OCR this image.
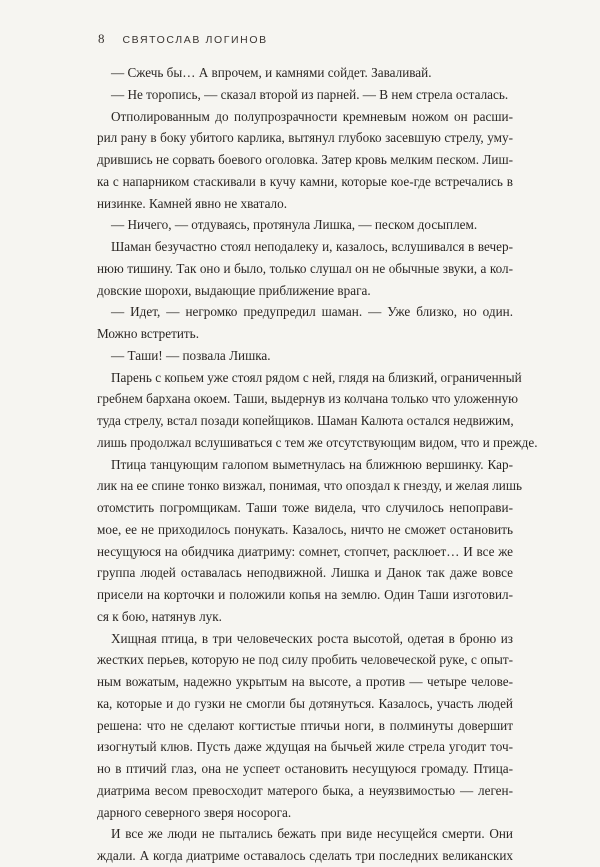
8 СВЯТОСЛАВ ЛОГИНОВ

— Сжечь бы… А впрочем, и камнями сойдет. Заваливай.

— Не торопись, — сказал второй из парней. — В нем стрела осталась.

Отполированным до полупрозрачности кремневым ножом он расши-
рил рану в боку убитого карлика, вытянул глубоко засевшую стрелу, уму-
дрившись не сорвать боевого оголовка. Затер кровь мелким песком. Лиш-
ка с напарником стаскивали в кучу камни, которые кое-где встречались в
низинке. Камней явно не хватало.

— Ничего, — отдуваясь, протянула Лишка, — песком досыплем.

Шаман безучастно стоял неподалеку и, казалось, вслушивался в вечер-
нюю тишину. Так оно и было, только слушал он не обычные звуки, а кол-
довские шорохи, выдающие приближение врага.

— Идет, — негромко предупредил шаман. — Уже близко, но один.
Можно встретить.

— Таши! — позвала Лишка.

Парень с копьем уже стоял рядом с ней, глядя на близкий, ограниченный
гребнем бархана окоем. Таши, выдернув из колчана только что уложенную
туда стрелу, встал позади копейщиков. Шаман Калюта остался недвижим,
лишь продолжал вслушиваться с тем же отсутствующим видом, что и прежде.

Птица танцующим галопом выметнулась на ближнюю вершинку. Кар-
лик на ее спине тонко визжал, понимая, что опоздал к гнезду, и желая лишь
отомстить погромщикам. Таши тоже видела, что случилось непоправи-
мое, ее не приходилось понукать. Казалось, ничто не сможет остановить
несущуюся на обидчика диатриму: сомнет, стопчет, расклюет… И все же
группа людей оставалась неподвижной. Лишка и Данок так даже вовсе
присели на корточки и положили копья на землю. Один Таши изготовил-
ся к бою, натянув лук.

Хищная птица, в три человеческих роста высотой, одетая в броню из
жестких перьев, которую не под силу пробить человеческой руке, с опыт-
ным вожатым, надежно укрытым на высоте, а против — четыре челове-
ка, которые и до гузки не смогли бы дотянуться. Казалось, участь людей
решена: что не сделают когтистые птичьи ноги, в полминуты довершит
изогнутый клюв. Пусть даже ждущая на бычьей жиле стрела угодит точ-
но в птичий глаз, она не успеет остановить несущуюся громаду. Птица-
диатрима весом превосходит матерого быка, а неуязвимостью — леген-
дарного северного зверя носорога.

И все же люди не пытались бежать при виде несущейся смерти. Они
ждали. А когда диатриме оставалось сделать три последних великанских
